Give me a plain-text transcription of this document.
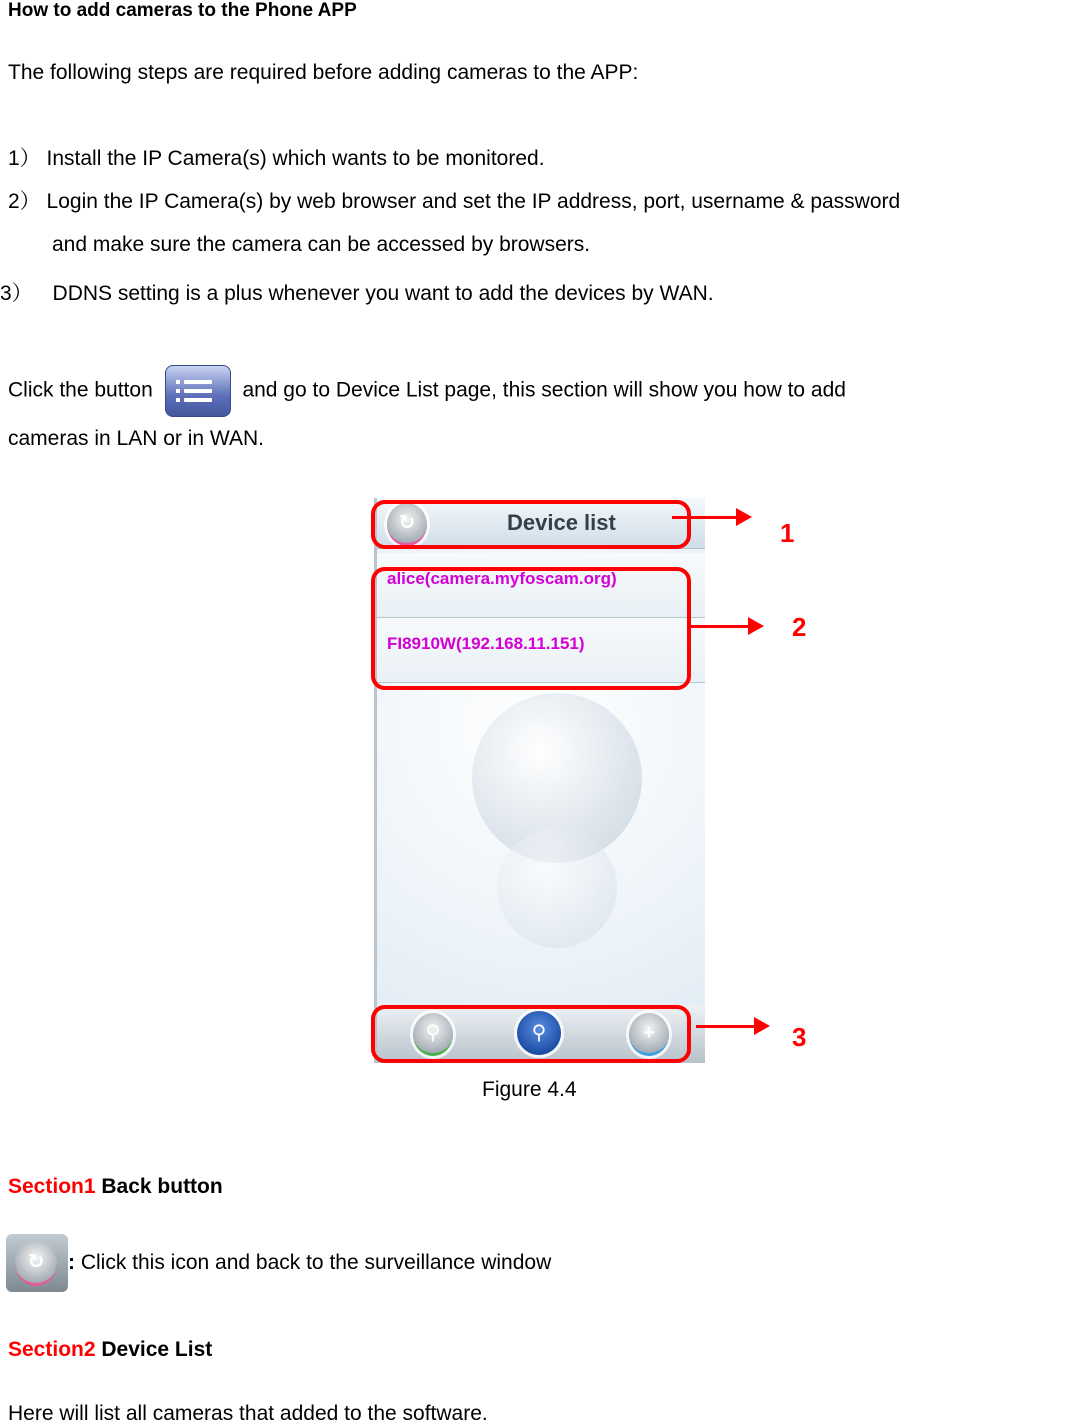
How to add cameras to the Phone APP
The following steps are required before adding cameras to the APP:
1） Install the IP Camera(s) which wants to be monitored.
2） Login the IP Camera(s) by web browser and set the IP address, port, username & password
and make sure the camera can be accessed by browsers.
3） DDNS setting is a plus whenever you want to add the devices by WAN.
Click the button	and go to Device List page, this section will show you how to add
cameras in LAN or in WAN.
↻	Device list
alice(camera.myfoscam.org)
FI8910W(192.168.11.151)
⚲	⚲	+
1
2
3
Figure 4.4
Section1 Back button
↻	: Click this icon and back to the surveillance window
Section2 Device List
Here will list all cameras that added to the software.
